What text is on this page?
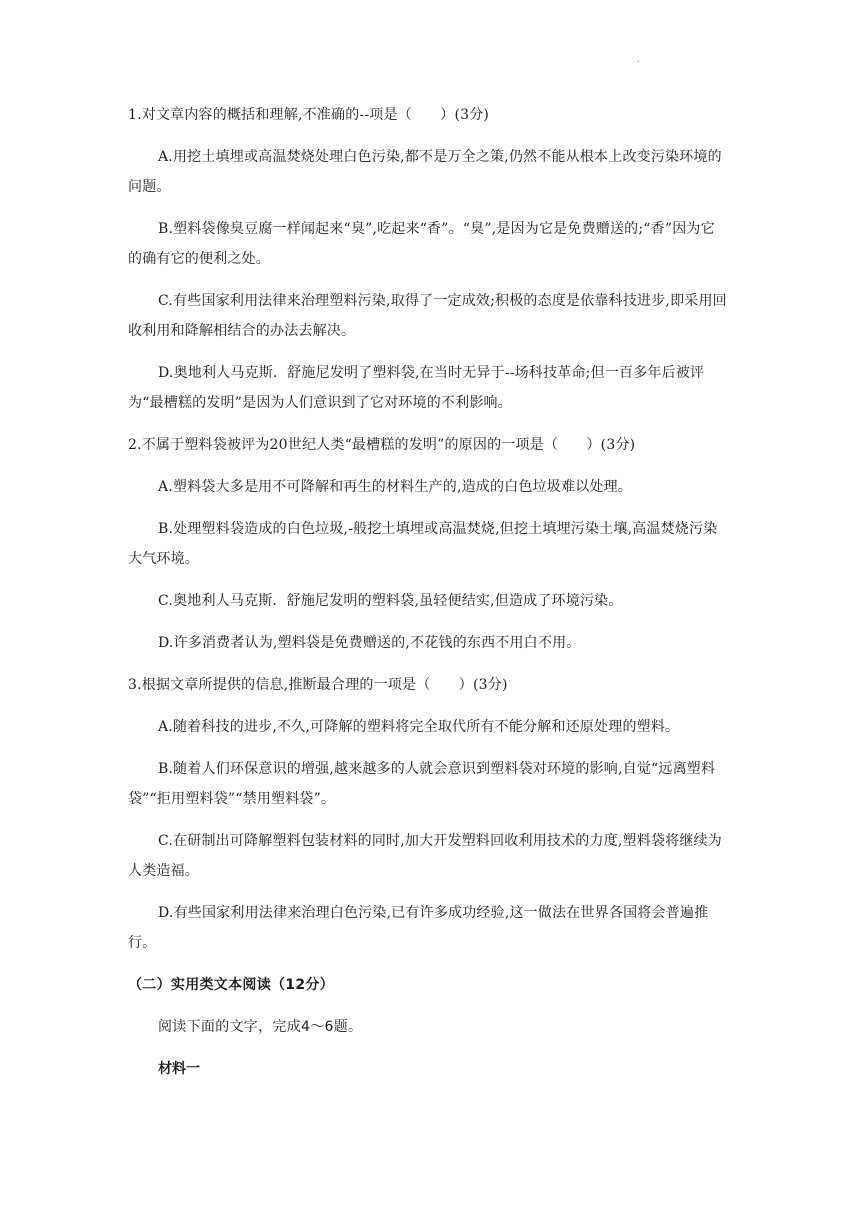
.

1.对文章内容的概括和理解,不准确的--项是（　　）(3分)

A.用挖土填埋或高温焚烧处理白色污染,都不是万全之策,仍然不能从根本上改变污染环境的问题。

B.塑料袋像臭豆腐一样闻起来“臭”,吃起来“香”。“臭”,是因为它是免费赠送的;“香”因为它的确有它的便利之处。

C.有些国家利用法律来治理塑料污染,取得了一定成效;积极的态度是依靠科技进步,即采用回收利用和降解相结合的办法去解决。

D.奥地利人马克斯．舒施尼发明了塑料袋,在当时无异于--场科技革命;但一百多年后被评为“最槽糕的发明”是因为人们意识到了它对环境的不利影响。

2.不属于塑料袋被评为20世纪人类“最槽糕的发明”的原因的一项是（　　）(3分)

A.塑料袋大多是用不可降解和再生的材料生产的,造成的白色垃圾难以处理。

B.处理塑料袋造成的白色垃圾,-般挖土填埋或高温焚烧,但挖土填埋污染土壤,高温焚烧污染大气环境。

C.奥地利人马克斯．舒施尼发明的塑料袋,虽轻便结实,但造成了环境污染。

D.许多消费者认为,塑料袋是免费赠送的,不花钱的东西不用白不用。

3.根据文章所提供的信息,推断最合理的一项是（　　）(3分)

A.随着科技的进步,不久,可降解的塑料将完全取代所有不能分解和还原处理的塑料。

B.随着人们环保意识的增强,越来越多的人就会意识到塑料袋对环境的影响,自觉“远离塑料袋”“拒用塑料袋”“禁用塑料袋”。

C.在研制出可降解塑料包装材料的同时,加大开发塑料回收利用技术的力度,塑料袋将继续为人类造福。

D.有些国家利用法律来治理白色污染,已有许多成功经验,这一做法在世界各国将会普遍推行。

（二）实用类文本阅读（12分）

阅读下面的文字，完成4～6题。

材料一
